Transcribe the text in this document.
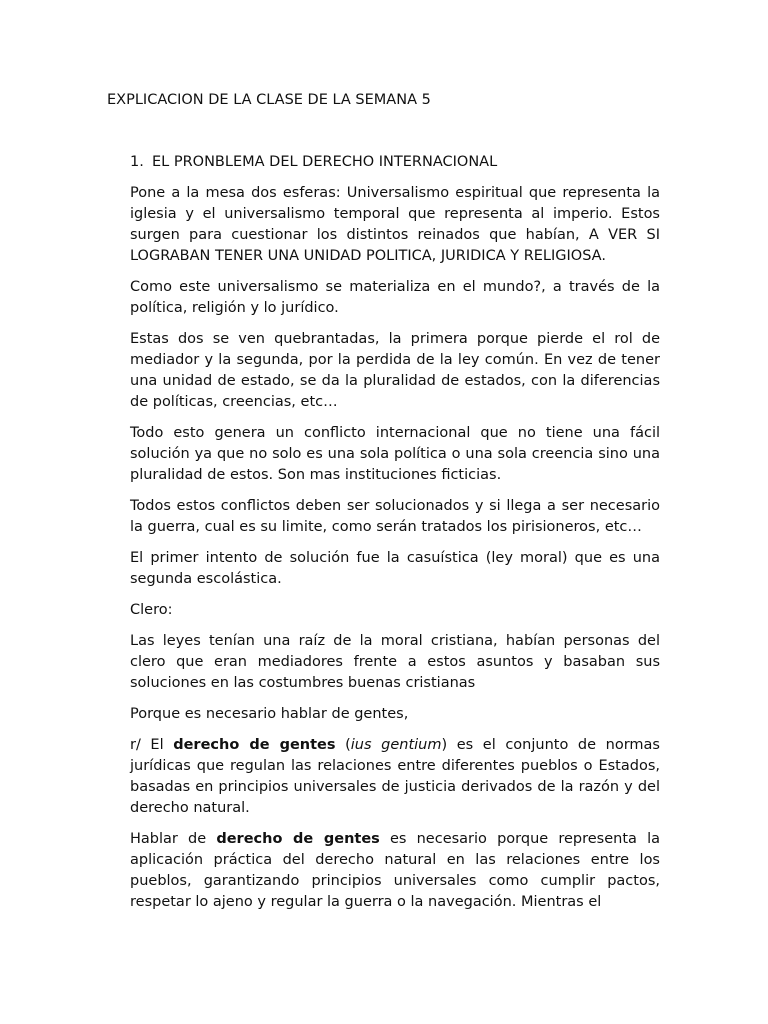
EXPLICACION DE LA CLASE DE LA SEMANA 5
1. EL PRONBLEMA DEL DERECHO INTERNACIONAL

Pone a la mesa dos esferas: Universalismo espiritual que representa la iglesia y el universalismo temporal que representa al imperio. Estos surgen para cuestionar los distintos reinados que habían, A VER SI LOGRABAN TENER UNA UNIDAD POLITICA, JURIDICA Y RELIGIOSA.

Como este universalismo se materializa en el mundo?, a través de la política, religión y lo jurídico.

Estas dos se ven quebrantadas, la primera porque pierde el rol de mediador y la segunda, por la perdida de la ley común. En vez de tener una unidad de estado, se da la pluralidad de estados, con la diferencias de políticas, creencias, etc…

Todo esto genera un conflicto internacional que no tiene una fácil solución ya que no solo es una sola política o una sola creencia sino una pluralidad de estos. Son mas instituciones ficticias.

Todos estos conflictos deben ser solucionados y si llega a ser necesario la guerra, cual es su limite, como serán tratados los pirisioneros, etc…

El primer intento de solución fue la casuística (ley moral) que es una segunda escolástica.

Clero:

Las leyes tenían una raíz de la moral cristiana, habían personas del clero que eran mediadores frente a estos asuntos y basaban sus soluciones en las costumbres buenas cristianas

Porque es necesario hablar de gentes,

r/ El derecho de gentes (ius gentium) es el conjunto de normas jurídicas que regulan las relaciones entre diferentes pueblos o Estados, basadas en principios universales de justicia derivados de la razón y del derecho natural.

Hablar de derecho de gentes es necesario porque representa la aplicación práctica del derecho natural en las relaciones entre los pueblos, garantizando principios universales como cumplir pactos, respetar lo ajeno y regular la guerra o la navegación. Mientras el
